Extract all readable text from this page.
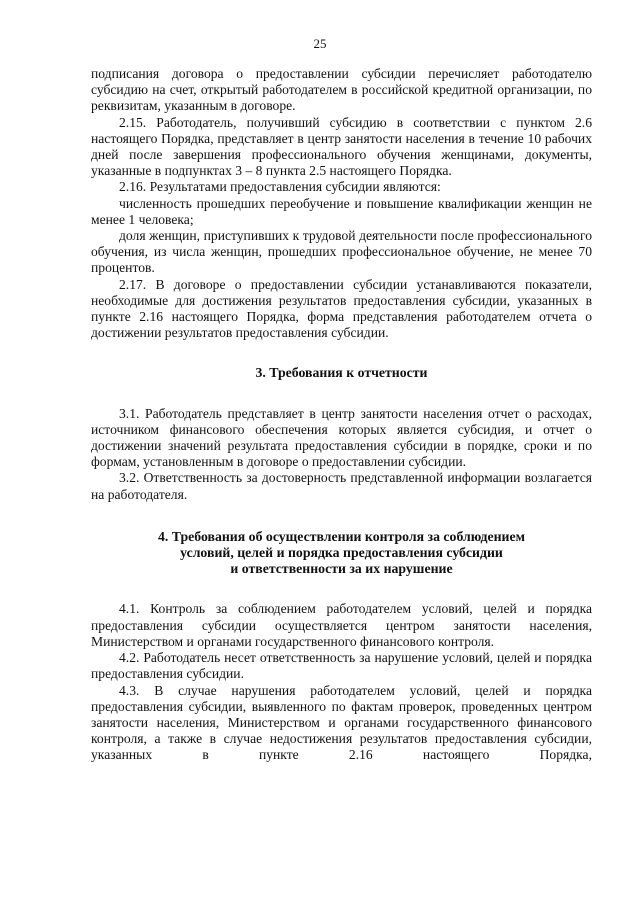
25

подписания договора о предоставлении субсидии перечисляет работодателю субсидию на счет, открытый работодателем в российской кредитной организации, по реквизитам, указанным в договоре.

2.15. Работодатель, получивший субсидию в соответствии с пунктом 2.6 настоящего Порядка, представляет в центр занятости населения в течение 10 рабочих дней после завершения профессионального обучения женщинами, документы, указанные в подпунктах 3 – 8 пункта 2.5 настоящего Порядка.

2.16. Результатами предоставления субсидии являются:

численность прошедших переобучение и повышение квалификации женщин не менее 1 человека;

доля женщин, приступивших к трудовой деятельности после профессионального обучения, из числа женщин, прошедших профессиональное обучение, не менее 70 процентов.

2.17. В договоре о предоставлении субсидии устанавливаются показатели, необходимые для достижения результатов предоставления субсидии, указанных в пункте 2.16 настоящего Порядка, форма представления работодателем отчета о достижении результатов предоставления субсидии.

3. Требования к отчетности

3.1. Работодатель представляет в центр занятости населения отчет о расходах, источником финансового обеспечения которых является субсидия, и отчет о достижении значений результата предоставления субсидии в порядке, сроки и по формам, установленным в договоре о предоставлении субсидии.

3.2. Ответственность за достоверность представленной информации возлагается на работодателя.

4. Требования об осуществлении контроля за соблюдением
условий, целей и порядка предоставления субсидии
и ответственности за их нарушение

4.1. Контроль за соблюдением работодателем условий, целей и порядка предоставления субсидии осуществляется центром занятости населения, Министерством и органами государственного финансового контроля.

4.2. Работодатель несет ответственность за нарушение условий, целей и порядка предоставления субсидии.

4.3. В случае нарушения работодателем условий, целей и порядка предоставления субсидии, выявленного по фактам проверок, проведенных центром занятости населения, Министерством и органами государственного финансового контроля, а также в случае недостижения результатов предоставления субсидии, указанных в пункте 2.16 настоящего Порядка,
